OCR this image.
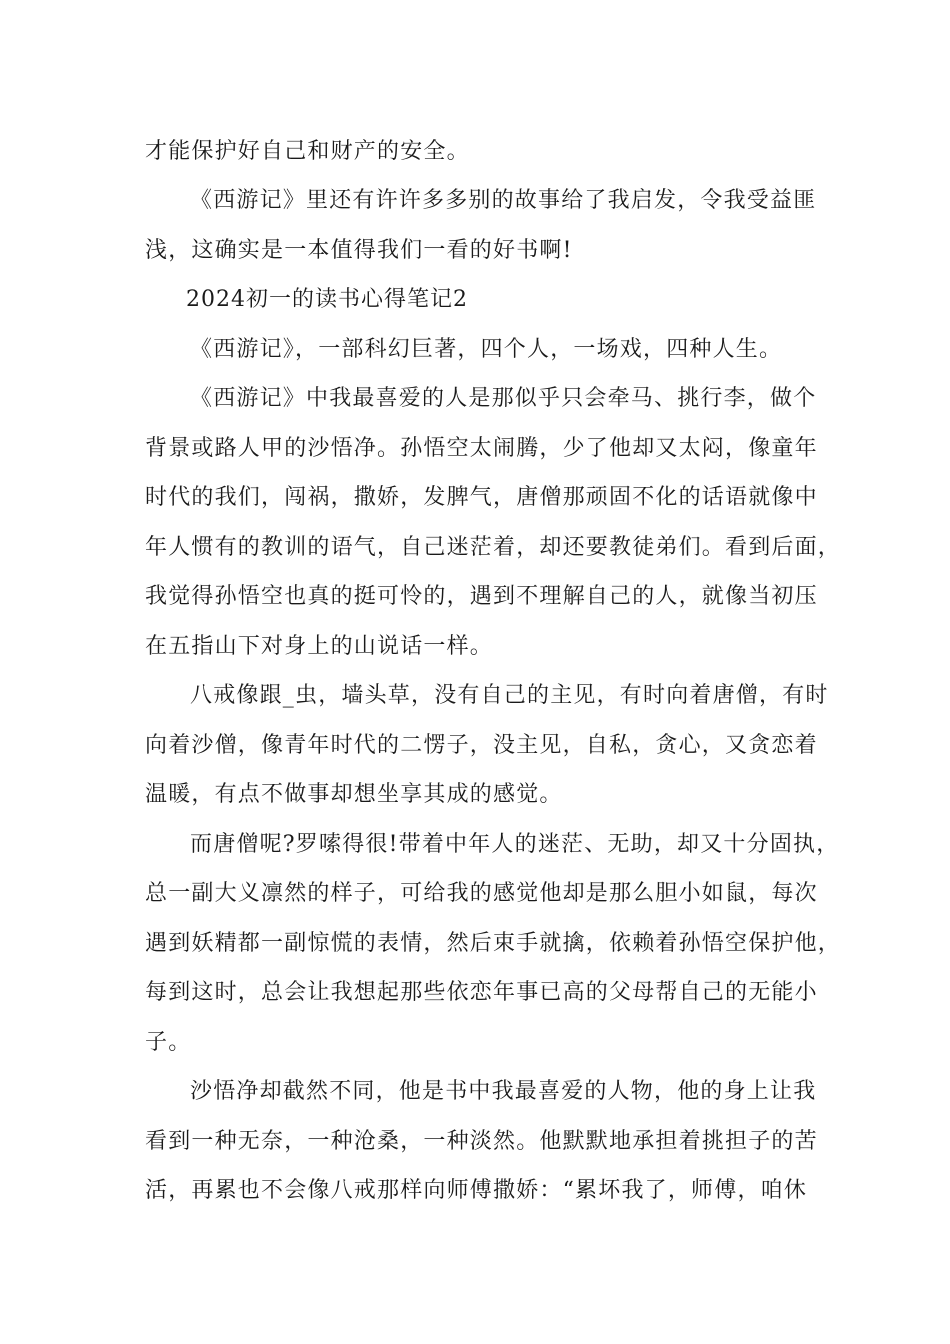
才能保护好自己和财产的安全。
《西游记》里还有许许多多别的故事给了我启发，令我受益匪
浅，这确实是一本值得我们一看的好书啊!
2024初一的读书心得笔记2
《西游记》，一部科幻巨著，四个人，一场戏，四种人生。
《西游记》中我最喜爱的人是那似乎只会牵马、挑行李，做个
背景或路人甲的沙悟净。孙悟空太闹腾，少了他却又太闷，像童年
时代的我们，闯祸，撒娇，发脾气，唐僧那顽固不化的话语就像中
年人惯有的教训的语气，自己迷茫着，却还要教徒弟们。看到后面，
我觉得孙悟空也真的挺可怜的，遇到不理解自己的人，就像当初压
在五指山下对身上的山说话一样。
八戒像跟_虫，墙头草，没有自己的主见，有时向着唐僧，有时
向着沙僧，像青年时代的二愣子，没主见，自私，贪心，又贪恋着
温暖，有点不做事却想坐享其成的感觉。
而唐僧呢?罗嗦得很!带着中年人的迷茫、无助，却又十分固执，
总一副大义凛然的样子，可给我的感觉他却是那么胆小如鼠，每次
遇到妖精都一副惊慌的表情，然后束手就擒，依赖着孙悟空保护他，
每到这时，总会让我想起那些依恋年事已高的父母帮自己的无能小
子。
沙悟净却截然不同，他是书中我最喜爱的人物，他的身上让我
看到一种无奈，一种沧桑，一种淡然。他默默地承担着挑担子的苦
活，再累也不会像八戒那样向师傅撒娇：“累坏我了，师傅，咱休
